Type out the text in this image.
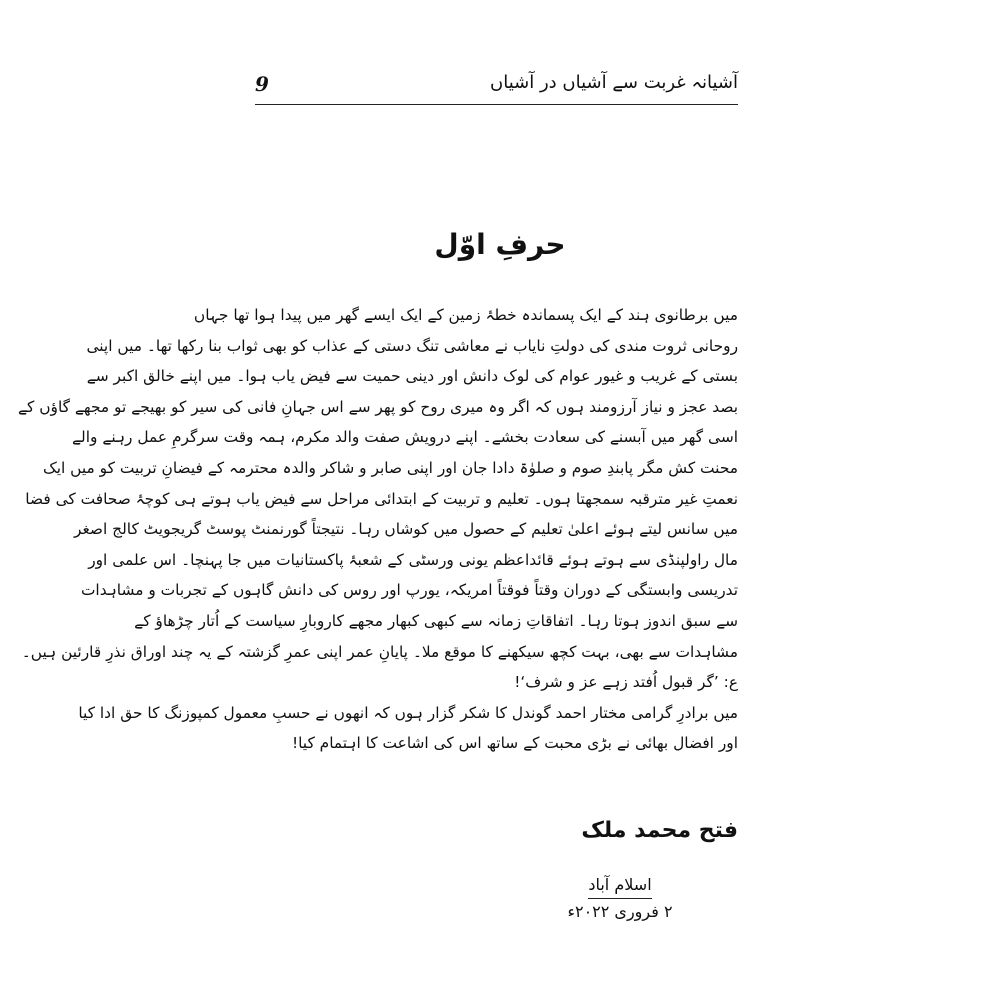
9	آشیانہ غربت سے آشیاں در آشیاں
حرفِ اوّل
میں برطانوی ہند کے ایک پسماندہ خطۂ زمین کے ایک ایسے گھر میں پیدا ہوا تھا جہاں
روحانی ثروت مندی کی دولتِ نایاب نے معاشی تنگ دستی کے عذاب کو بھی ثواب بنا رکھا تھا۔ میں اپنی
بستی کے غریب و غیور عوام کی لوک دانش اور دینی حمیت سے فیض یاب ہوا۔ میں اپنے خالق اکبر سے
بصد عجز و نیاز آرزومند ہوں کہ اگر وہ میری روح کو پھر سے اس جہانِ فانی کی سیر کو بھیجے تو مجھے گاؤں کے
اسی گھر میں آبسنے کی سعادت بخشے۔ اپنے درویش صفت والد مکرم، ہمہ وقت سرگرمِ عمل رہنے والے
محنت کش مگر پابندِ صوم و صلوٰۃ دادا جان اور اپنی صابر و شاکر والدہ محترمہ کے فیضانِ تربیت کو میں ایک
نعمتِ غیر مترقبہ سمجھتا ہوں۔ تعلیم و تربیت کے ابتدائی مراحل سے فیض یاب ہوتے ہی کوچۂ صحافت کی فضا
میں سانس لیتے ہوئے اعلیٰ تعلیم کے حصول میں کوشاں رہا۔ نتیجتاً گورنمنٹ پوسٹ گریجویٹ کالج اصغر
مال راولپنڈی سے ہوتے ہوئے قائداعظم یونی ورسٹی کے شعبۂ پاکستانیات میں جا پہنچا۔ اس علمی اور
تدریسی وابستگی کے دوران وقتاً فوقتاً امریکہ، یورپ اور روس کی دانش گاہوں کے تجربات و مشاہدات
سے سبق اندوز ہوتا رہا۔ اتفاقاتِ زمانہ سے کبھی کبھار مجھے کاروبارِ سیاست کے اُتار چڑھاؤ کے
مشاہدات سے بھی، بہت کچھ سیکھنے کا موقع ملا۔ پایانِ عمر اپنی عمرِ گزشتہ کے یہ چند اوراق نذرِ قارئین ہیں۔
ع: ’گر قبول اُفتد زہے عز و شرف‘!
میں برادرِ گرامی مختار احمد گوندل کا شکر گزار ہوں کہ انھوں نے حسبِ معمول کمپوزنگ کا حق ادا کیا
اور افضال بھائی نے بڑی محبت کے ساتھ اس کی اشاعت کا اہتمام کیا!
فتح محمد ملک
اسلام آباد
۲ فروری ۲۰۲۲ء
